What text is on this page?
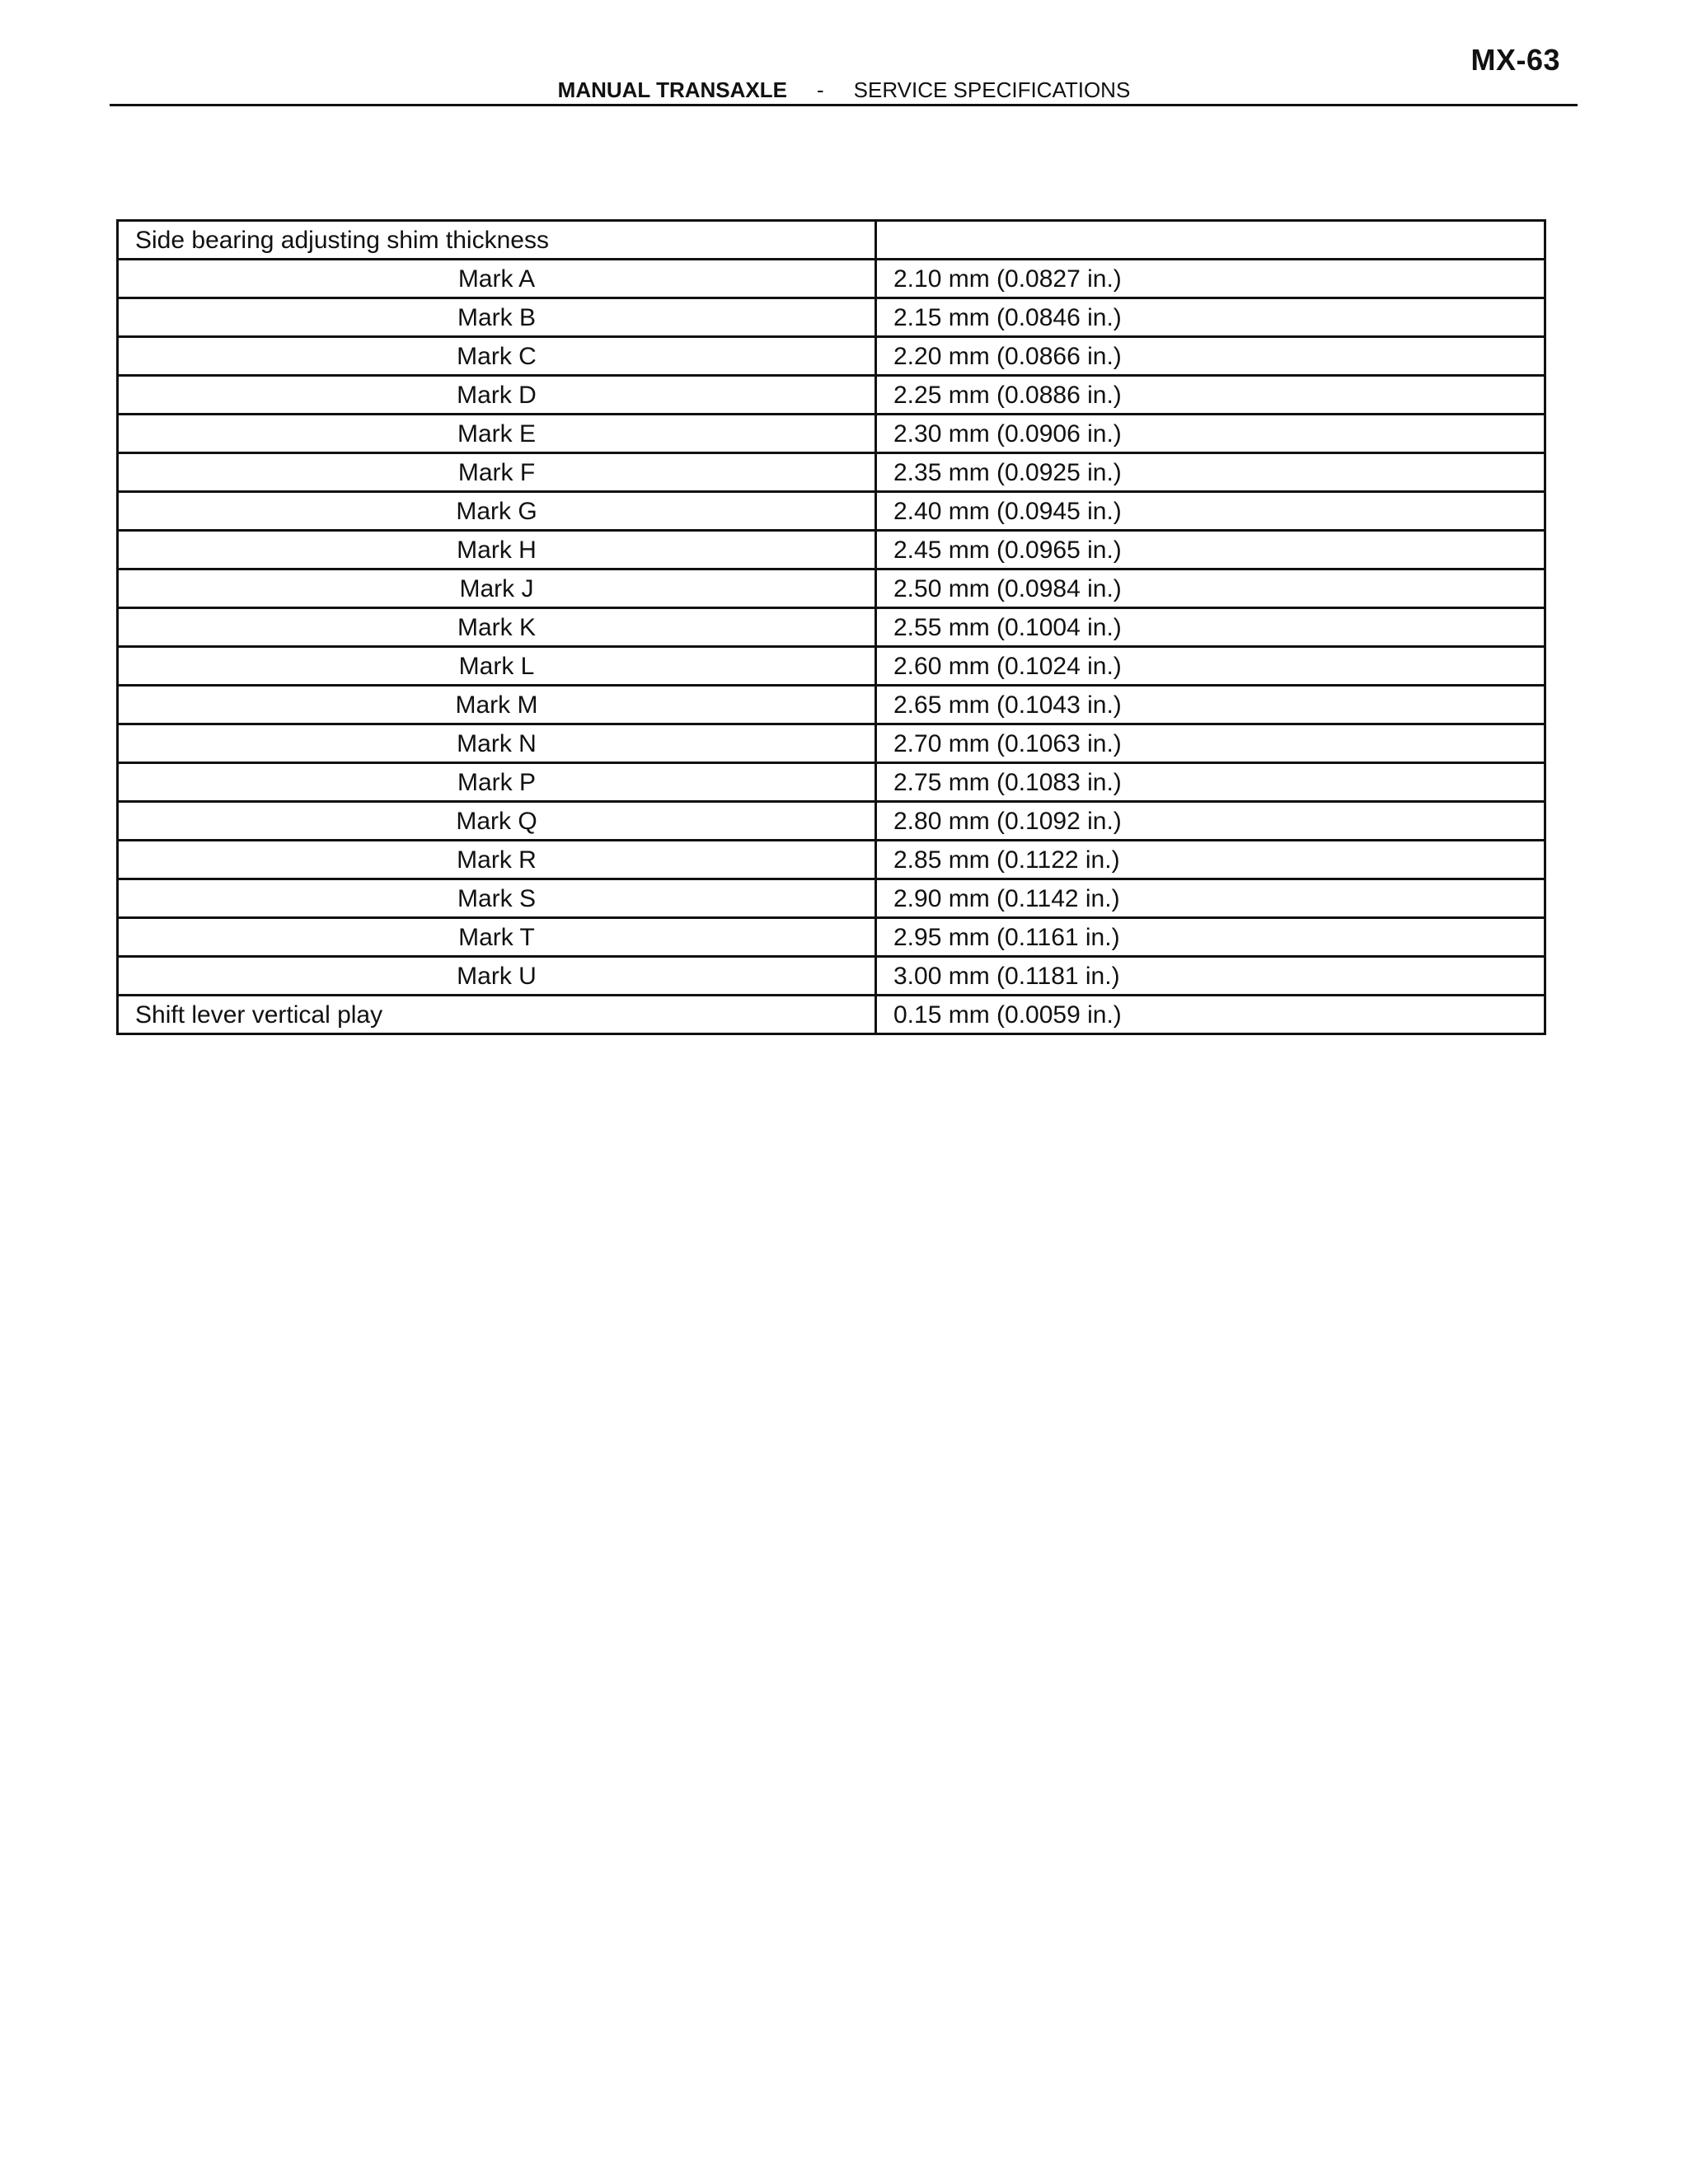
MX-63
MANUAL TRANSAXLE - SERVICE SPECIFICATIONS
Side bearing adjusting shim thickness	
Mark A	2.10 mm (0.0827 in.)
Mark B	2.15 mm (0.0846 in.)
Mark C	2.20 mm (0.0866 in.)
Mark D	2.25 mm (0.0886 in.)
Mark E	2.30 mm (0.0906 in.)
Mark F	2.35 mm (0.0925 in.)
Mark G	2.40 mm (0.0945 in.)
Mark H	2.45 mm (0.0965 in.)
Mark J	2.50 mm (0.0984 in.)
Mark K	2.55 mm (0.1004 in.)
Mark L	2.60 mm (0.1024 in.)
Mark M	2.65 mm (0.1043 in.)
Mark N	2.70 mm (0.1063 in.)
Mark P	2.75 mm (0.1083 in.)
Mark Q	2.80 mm (0.1092 in.)
Mark R	2.85 mm (0.1122 in.)
Mark S	2.90 mm (0.1142 in.)
Mark T	2.95 mm (0.1161 in.)
Mark U	3.00 mm (0.1181 in.)
Shift lever vertical play	0.15 mm (0.0059 in.)
